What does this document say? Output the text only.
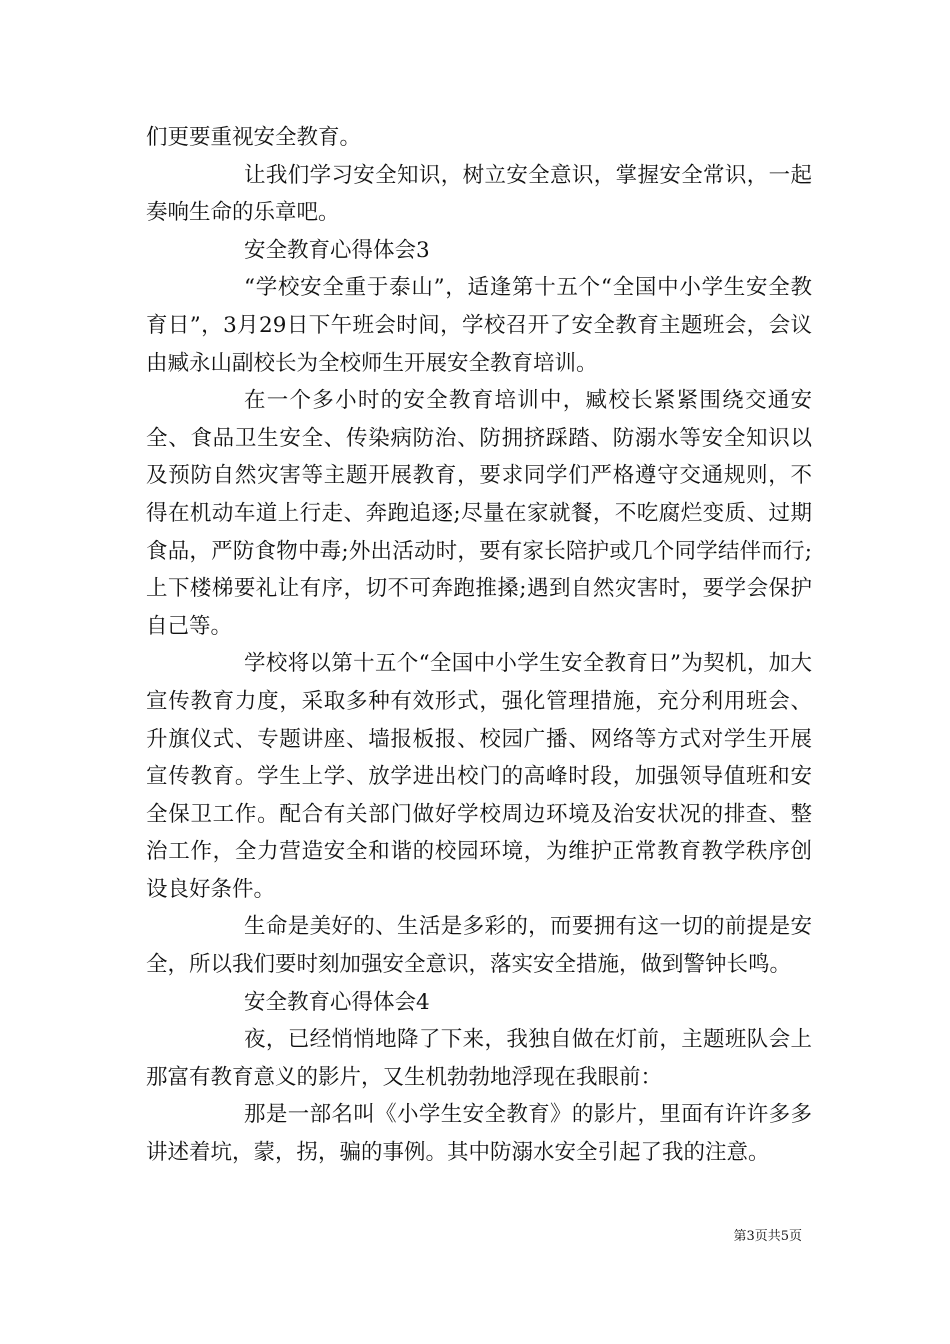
们更要重视安全教育。

让我们学习安全知识，树立安全意识，掌握安全常识，一起奏响生命的乐章吧。

安全教育心得体会3

“学校安全重于泰山”，适逢第十五个“全国中小学生安全教育日”，3月29日下午班会时间，学校召开了安全教育主题班会，会议由臧永山副校长为全校师生开展安全教育培训。

在一个多小时的安全教育培训中，臧校长紧紧围绕交通安全、食品卫生安全、传染病防治、防拥挤踩踏、防溺水等安全知识以及预防自然灾害等主题开展教育，要求同学们严格遵守交通规则，不得在机动车道上行走、奔跑追逐;尽量在家就餐，不吃腐烂变质、过期食品，严防食物中毒;外出活动时，要有家长陪护或几个同学结伴而行;上下楼梯要礼让有序，切不可奔跑推搡;遇到自然灾害时，要学会保护自己等。

学校将以第十五个“全国中小学生安全教育日”为契机，加大宣传教育力度，采取多种有效形式，强化管理措施，充分利用班会、升旗仪式、专题讲座、墙报板报、校园广播、网络等方式对学生开展宣传教育。学生上学、放学进出校门的高峰时段，加强领导值班和安全保卫工作。配合有关部门做好学校周边环境及治安状况的排查、整治工作，全力营造安全和谐的校园环境，为维护正常教育教学秩序创设良好条件。

生命是美好的、生活是多彩的，而要拥有这一切的前提是安全，所以我们要时刻加强安全意识，落实安全措施，做到警钟长鸣。

安全教育心得体会4

夜，已经悄悄地降了下来，我独自做在灯前，主题班队会上那富有教育意义的影片，又生机勃勃地浮现在我眼前：

那是一部名叫《小学生安全教育》的影片，里面有许许多多讲述着坑，蒙，拐，骗的事例。其中防溺水安全引起了我的注意。

第3页共5页
